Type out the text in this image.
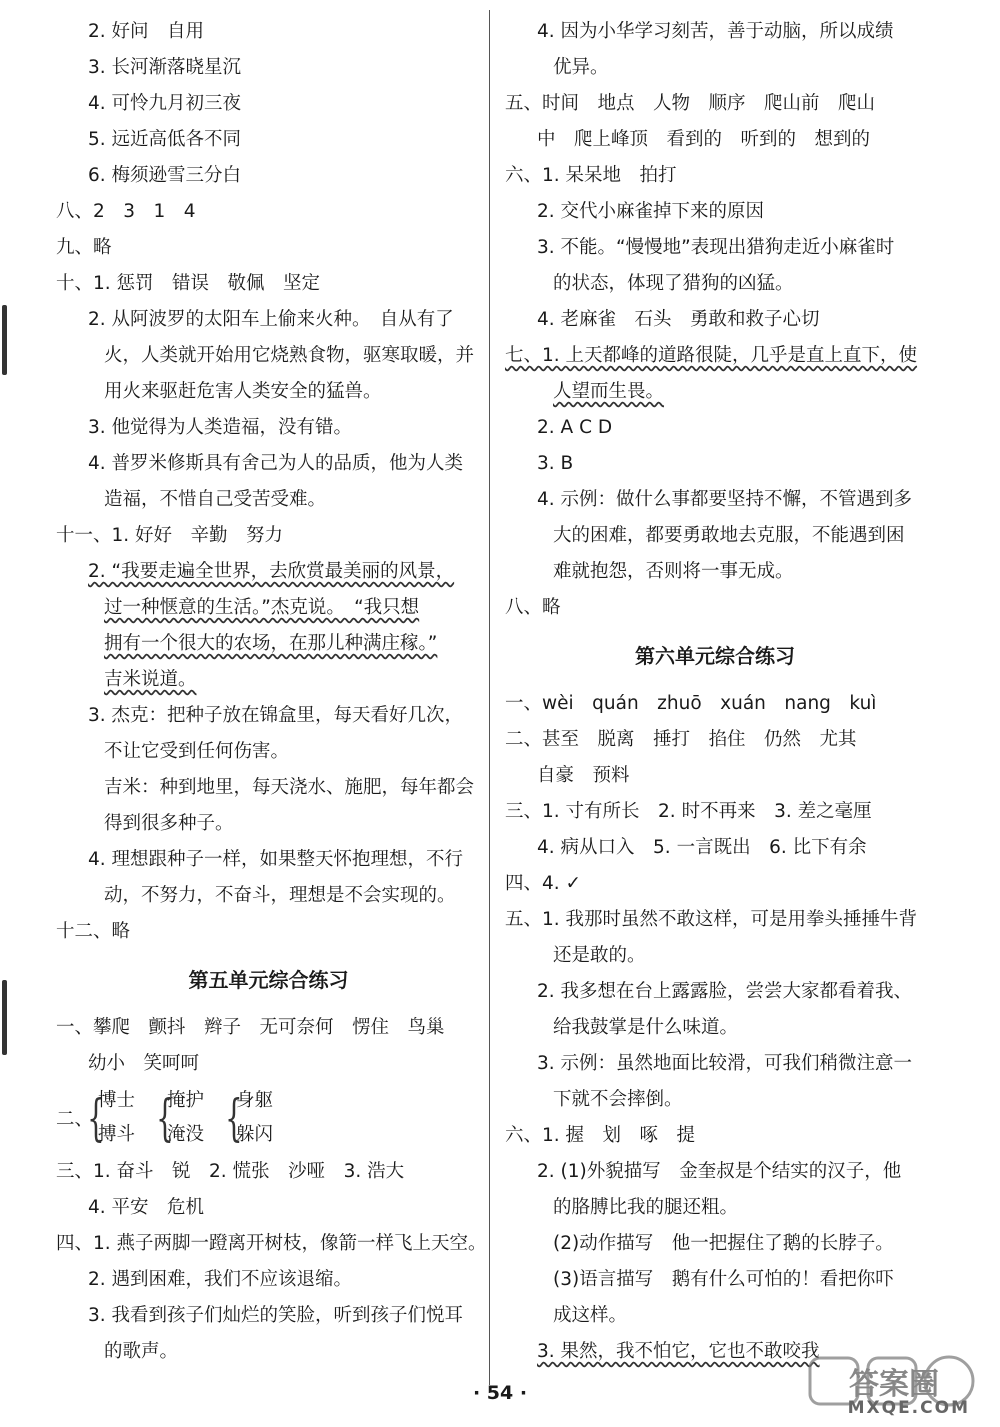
2. 好问　自用
3. 长河渐落晓星沉
4. 可怜九月初三夜
5. 远近高低各不同
6. 梅须逊雪三分白
八、2　3　1　4
九、略
十、1. 惩罚　错误　敬佩　坚定
2. 从阿波罗的太阳车上偷来火种。　自从有了
火，人类就开始用它烧熟食物，驱寒取暖，并
用火来驱赶危害人类安全的猛兽。
3. 他觉得为人类造福，没有错。
4. 普罗米修斯具有舍己为人的品质，他为人类
造福，不惜自己受苦受难。
十一、1. 好好　辛勤　努力
2. “我要走遍全世界，去欣赏最美丽的风景，
过一种惬意的生活。”杰克说。　“我只想
拥有一个很大的农场，在那儿种满庄稼。”
吉米说道。
3. 杰克：把种子放在锦盒里，每天看好几次，
不让它受到任何伤害。
吉米：种到地里，每天浇水、施肥，每年都会
得到很多种子。
4. 理想跟种子一样，如果整天怀抱理想，不行
动，不努力，不奋斗，理想是不会实现的。
十二、略
第五单元综合练习
一、攀爬　颤抖　辫子　无可奈何　愣住　鸟巢
幼小　笑呵呵
二、
{
博士
搏斗 {
掩护
淹没 {
身躯
躲闪
三、1. 奋斗　锐　2. 慌张　沙哑　3. 浩大
4. 平安　危机
四、1. 燕子两脚一蹬离开树枝，像箭一样飞上天空。
2. 遇到困难，我们不应该退缩。
3. 我看到孩子们灿烂的笑脸，听到孩子们悦耳
的歌声。
4. 因为小华学习刻苦，善于动脑，所以成绩
优异。
五、时间　地点　人物　顺序　爬山前　爬山
中　爬上峰顶　看到的　听到的　想到的
六、1. 呆呆地　拍打
2. 交代小麻雀掉下来的原因
3. 不能。“慢慢地”表现出猎狗走近小麻雀时
的状态，体现了猎狗的凶猛。
4. 老麻雀　石头　勇敢和救子心切
七、1. 上天都峰的道路很陡，几乎是直上直下，使
人望而生畏。
2. A C D
3. B
4. 示例：做什么事都要坚持不懈，不管遇到多
大的困难，都要勇敢地去克服，不能遇到困
难就抱怨，否则将一事无成。
八、略
第六单元综合练习
一、wèi　quán　zhuō　xuán　nang　kuì
二、甚至　脱离　捶打　掐住　仍然　尤其
自豪　预料
三、1. 寸有所长　2. 时不再来　3. 差之毫厘
4. 病从口入　5. 一言既出　6. 比下有余
四、4. ✓
五、1. 我那时虽然不敢这样，可是用拳头捶捶牛背
还是敢的。
2. 我多想在台上露露脸，尝尝大家都看着我、
给我鼓掌是什么味道。
3. 示例：虽然地面比较滑，可我们稍微注意一
下就不会摔倒。
六、1. 握　划　啄　提
2. (1)外貌描写　金奎叔是个结实的汉子，他
的胳膊比我的腿还粗。
(2)动作描写　他一把握住了鹅的长脖子。
(3)语言描写　鹅有什么可怕的！看把你吓
成这样。
3. 果然，我不怕它，它也不敢咬我
· 54 ·	答案圈
MXQE.COM
